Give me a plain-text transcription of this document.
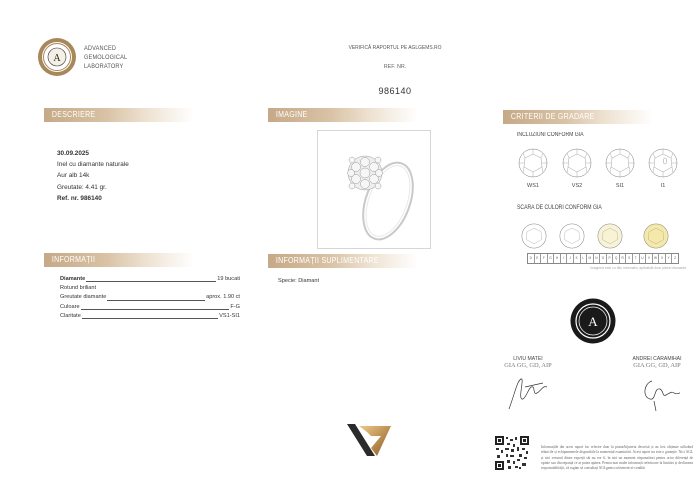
A
ADVANCED
GEMOLOGICAL
LABORATORY
VERIFICĂ RAPORTUL PE AGLGEMS.RO
REF. NR.
986140
DESCRIERE	IMAGINE	CRITERII DE GRADARE
INFORMAȚII	INFORMAȚII SUPLIMENTARE
30.09.2025
Inel cu diamante naturale
Aur alb 14k
Greutate: 4.41 gr.
Ref. nr. 986140
Diamante	19 bucati
Rotund briliant
Greutate diamante	aprox. 1.90 ct
Culoare	F-G
Claritate	VS1-SI1
Specie: Diamant
INCLUZIUNI CONFORM GIA
WS1	VS2	SI1	I1
SCARĂ DE CULORI CONFORM GIA
D	E	F	G	H	I	J	K	L	M	N	O	P	Q	R	S	T	U	V	W	X	Y	Z
Imaginea este cu titlu informativ, aplicabilă doar pietrei diamante
A
LIVIU MATEI
GIA GG, GD, AIP
ANDREI CARAMIHAI
GIA GG, GD, AIP
Informațiile din acest raport fac referire doar la piatra/bijuteria descrisă și au fost obținute utilizând tehnicile și echipamentele disponibile la momentul examinării. Acest raport nu este o garanție. Nici AGL și nici vreunul dintre experții săi nu vor fi, în nici un moment răspunzători pentru orice diferență de opinie sau discrepanță ce ar putea apărea. Pentru mai multe informații referitoare la limitări și declinarea responsabilității, vă rugăm să consultați AGLgems.ro/termeni-si-conditii
